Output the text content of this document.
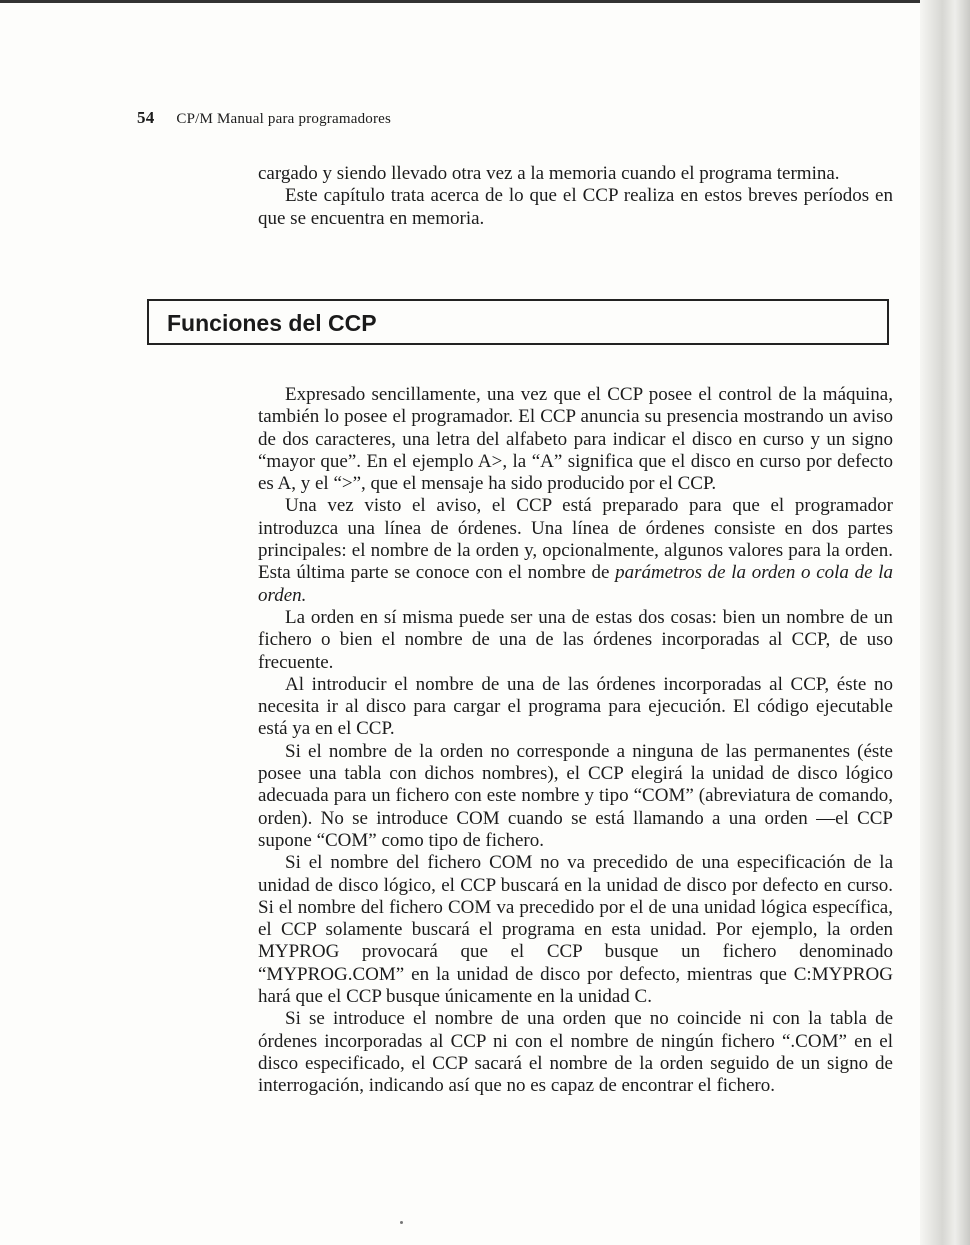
54 CP/M Manual para programadores

cargado y siendo llevado otra vez a la memoria cuando el programa termina.

Este capítulo trata acerca de lo que el CCP realiza en estos breves períodos en que se encuentra en memoria.

Funciones del CCP

Expresado sencillamente, una vez que el CCP posee el control de la máquina, también lo posee el programador. El CCP anuncia su presencia mostrando un aviso de dos caracteres, una letra del alfabeto para indicar el disco en curso y un signo “mayor que”. En el ejemplo A>, la “A” significa que el disco en curso por defecto es A, y el “>”, que el mensaje ha sido producido por el CCP.

Una vez visto el aviso, el CCP está preparado para que el programador introduzca una línea de órdenes. Una línea de órdenes consiste en dos partes principales: el nombre de la orden y, opcionalmente, algunos valores para la orden. Esta última parte se conoce con el nombre de parámetros de la orden o cola de la orden.

La orden en sí misma puede ser una de estas dos cosas: bien un nombre de un fichero o bien el nombre de una de las órdenes incorporadas al CCP, de uso frecuente.

Al introducir el nombre de una de las órdenes incorporadas al CCP, éste no necesita ir al disco para cargar el programa para ejecución. El código ejecutable está ya en el CCP.

Si el nombre de la orden no corresponde a ninguna de las permanentes (éste posee una tabla con dichos nombres), el CCP elegirá la unidad de disco lógico adecuada para un fichero con este nombre y tipo “COM” (abreviatura de comando, orden). No se introduce COM cuando se está llamando a una orden —el CCP supone “COM” como tipo de fichero.

Si el nombre del fichero COM no va precedido de una especificación de la unidad de disco lógico, el CCP buscará en la unidad de disco por defecto en curso. Si el nombre del fichero COM va precedido por el de una unidad lógica específica, el CCP solamente buscará el programa en esta unidad. Por ejemplo, la orden MYPROG provocará que el CCP busque un fichero denominado “MYPROG.COM” en la unidad de disco por defecto, mientras que C:MYPROG hará que el CCP busque únicamente en la unidad C.

Si se introduce el nombre de una orden que no coincide ni con la tabla de órdenes incorporadas al CCP ni con el nombre de ningún fichero “.COM” en el disco especificado, el CCP sacará el nombre de la orden seguido de un signo de interrogación, indicando así que no es capaz de encontrar el fichero.
